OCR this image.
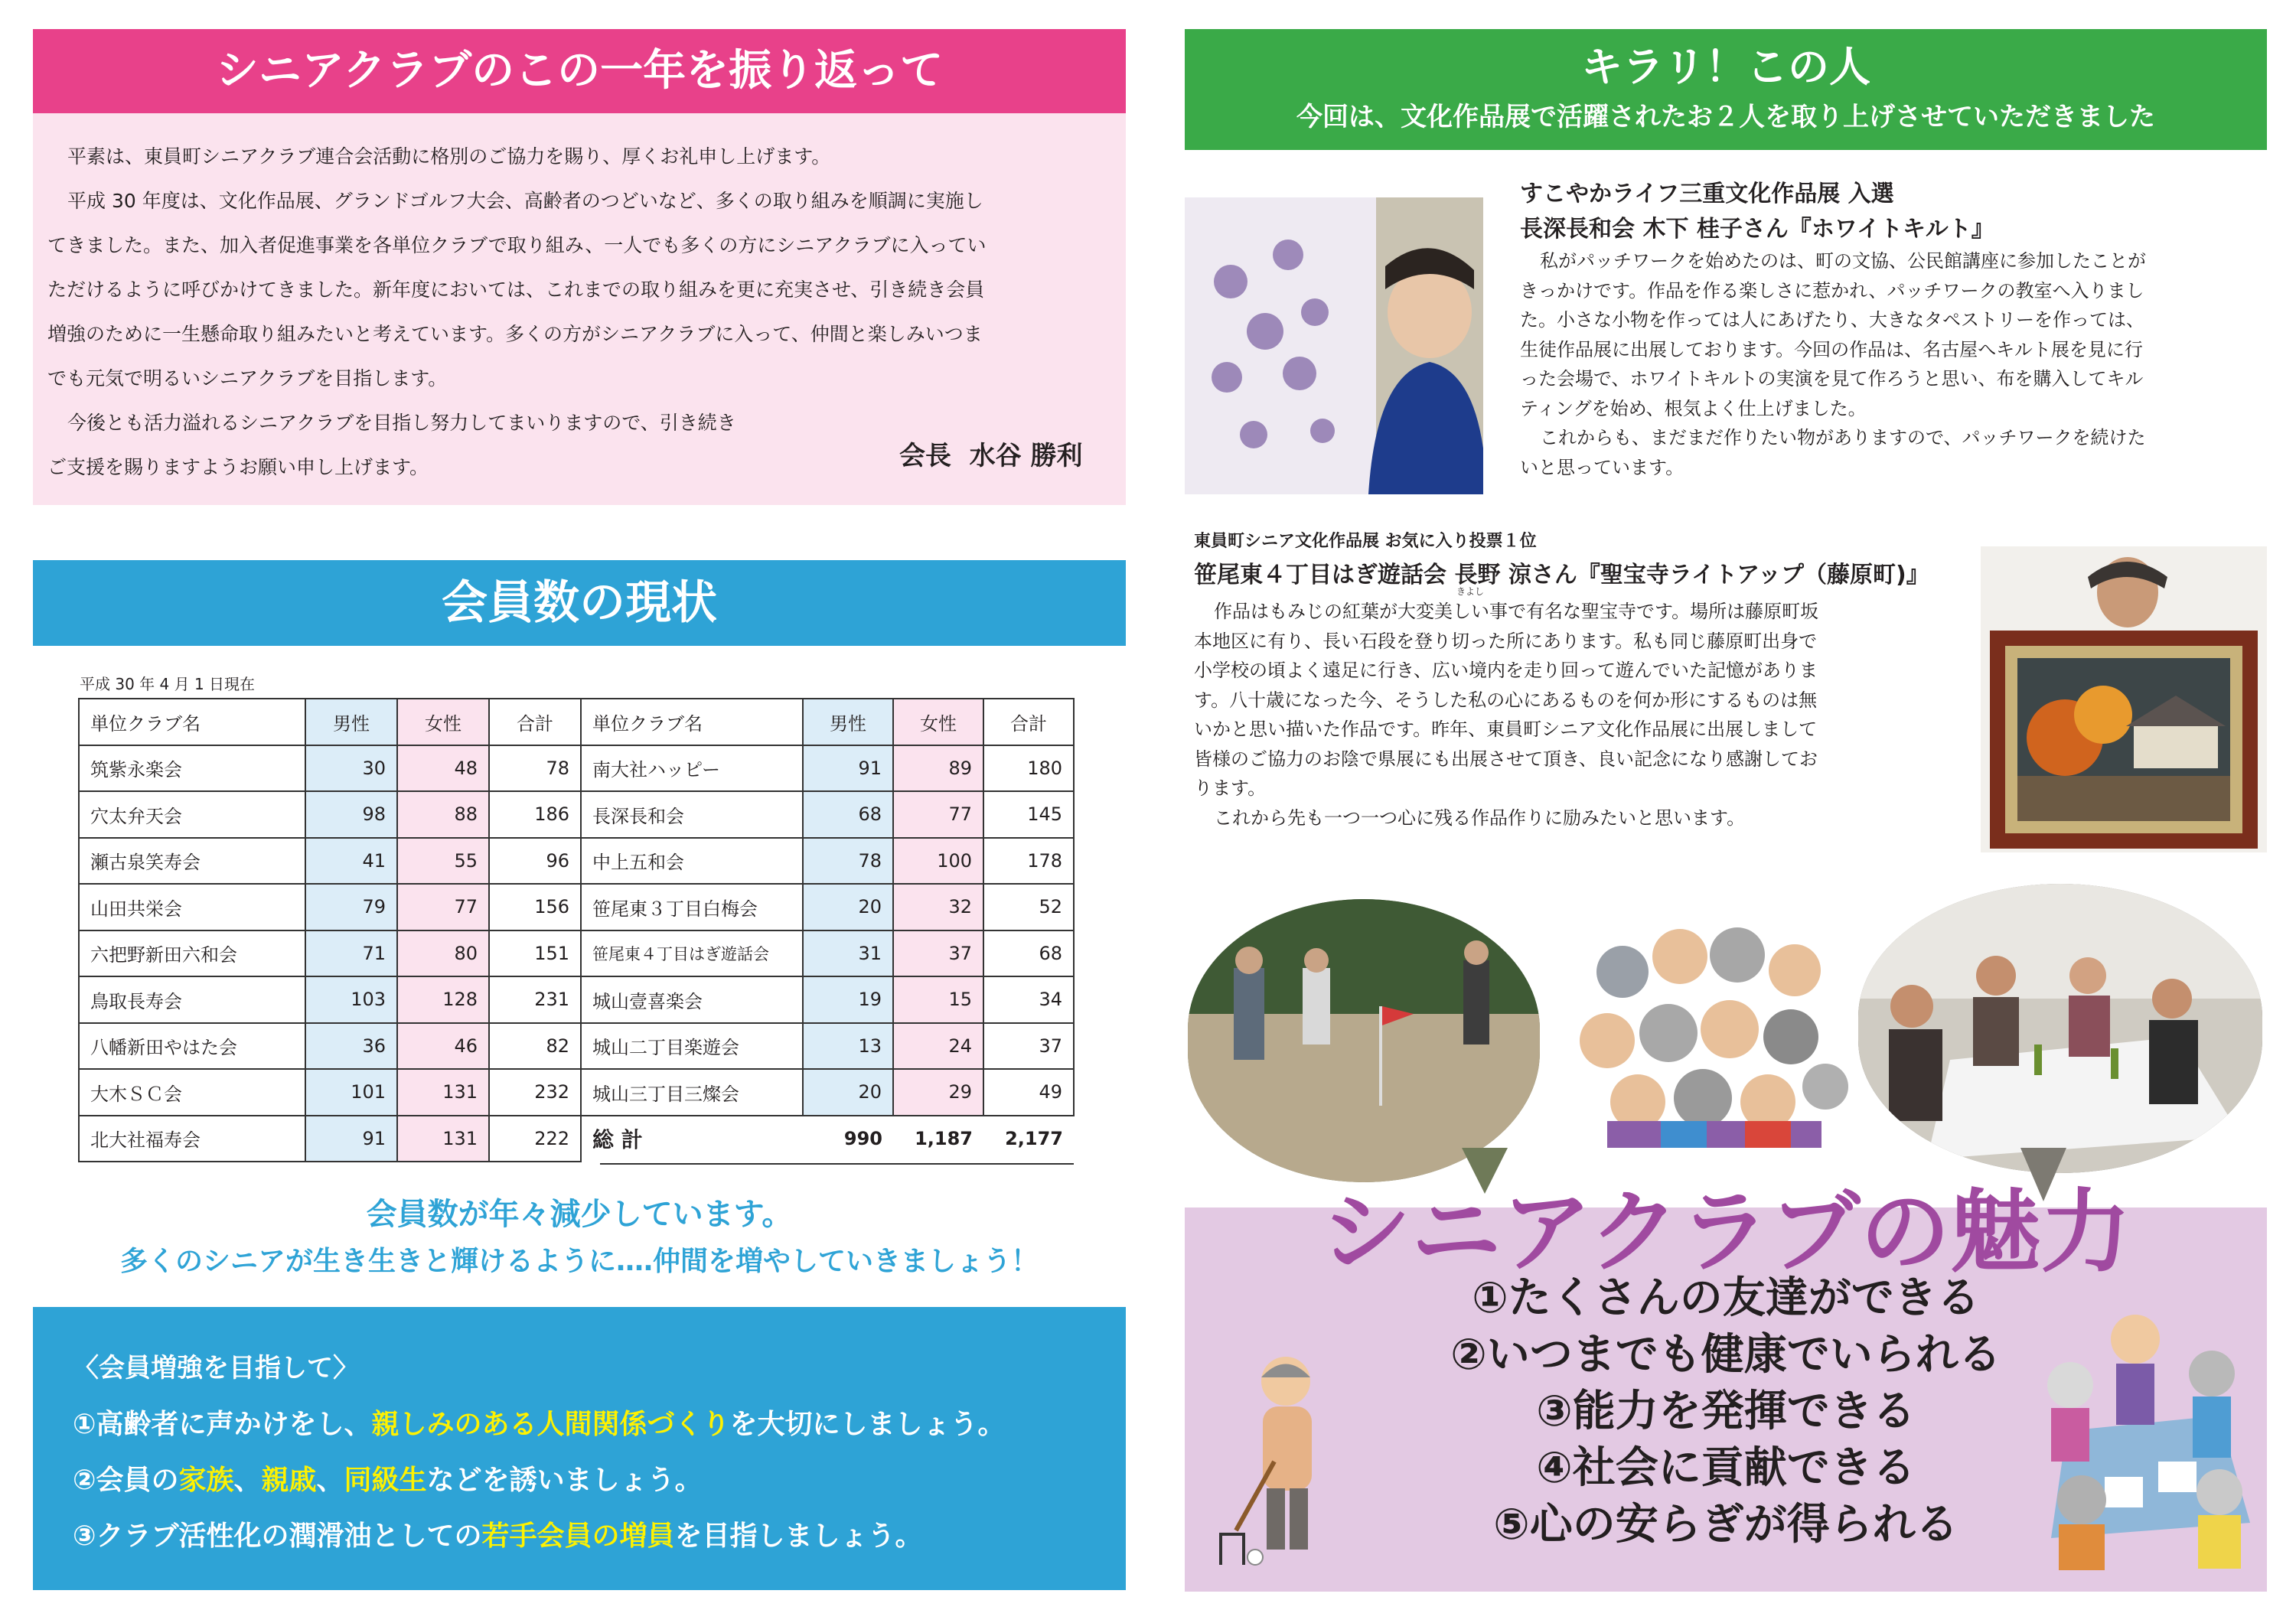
シニアクラブのこの一年を振り返って

平素は、東員町シニアクラブ連合会活動に格別のご協力を賜り、厚くお礼申し上げます。

平成 30 年度は、文化作品展、グランドゴルフ大会、高齢者のつどいなど、多くの取り組みを順調に実施し

てきました。また、加入者促進事業を各単位クラブで取り組み、一人でも多くの方にシニアクラブに入ってい

ただけるように呼びかけてきました。新年度においては、これまでの取り組みを更に充実させ、引き続き会員

増強のために一生懸命取り組みたいと考えています。多くの方がシニアクラブに入って、仲間と楽しみいつま

でも元気で明るいシニアクラブを目指します。

今後とも活力溢れるシニアクラブを目指し努力してまいりますので、引き続き

ご支援を賜りますようお願い申し上げます。	会長  水谷 勝利
会員数の現状
平成 30 年 4 月 1 日現在
単位クラブ名	男性	女性	合計	単位クラブ名	男性	女性	合計
筑紫永楽会	30	48	78	南大社ハッピー	91	89	180
穴太弁天会	98	88	186	長深長和会	68	77	145
瀬古泉笑寿会	41	55	96	中上五和会	78	100	178
山田共栄会	79	77	156	笹尾東３丁目白梅会	20	32	52
六把野新田六和会	71	80	151	笹尾東４丁目はぎ遊話会	31	37	68
鳥取長寿会	103	128	231	城山壹喜楽会	19	15	34
八幡新田やはた会	36	46	82	城山二丁目楽遊会	13	24	37
大木ＳＣ会	101	131	232	城山三丁目三燦会	20	29	49
北大社福寿会	91	131	222	総 計	990	1,187	2,177
会員数が年々減少しています。
多くのシニアが生き生きと輝けるように‥‥仲間を増やしていきましょう！
〈会員増強を目指して〉
①高齢者に声かけをし、親しみのある人間関係づくりを大切にしましょう。
②会員の家族、親戚、同級生などを誘いましょう。
③クラブ活性化の潤滑油としての若手会員の増員を目指しましょう。
キラリ！この人
今回は、文化作品展で活躍されたお２人を取り上げさせていただきました
すこやかライフ三重文化作品展 入選
長深長和会 木下 桂子さん『ホワイトキルト』

私がパッチワークを始めたのは、町の文協、公民館講座に参加したことが

きっかけです。作品を作る楽しさに惹かれ、パッチワークの教室へ入りまし

た。小さな小物を作っては人にあげたり、大きなタペストリーを作っては、

生徒作品展に出展しております。今回の作品は、名古屋へキルト展を見に行

った会場で、ホワイトキルトの実演を見て作ろうと思い、布を購入してキル

ティングを始め、根気よく仕上げました。

これからも、まだまだ作りたい物がありますので、パッチワークを続けた

いと思っています。

東員町シニア文化作品展 お気に入り投票１位
笹尾東４丁目はぎ遊話会 長野 涼さん『聖宝寺ライトアップ（藤原町)』
きよし

作品はもみじの紅葉が大変美しい事で有名な聖宝寺です。場所は藤原町坂

本地区に有り、長い石段を登り切った所にあります。私も同じ藤原町出身で

小学校の頃よく遠足に行き、広い境内を走り回って遊んでいた記憶がありま

す。八十歳になった今、そうした私の心にあるものを何か形にするものは無

いかと思い描いた作品です。昨年、東員町シニア文化作品展に出展しまして

皆様のご協力のお陰で県展にも出展させて頂き、良い記念になり感謝してお

ります。

これから先も一つ一つ心に残る作品作りに励みたいと思います。

シニアクラブの魅力
①たくさんの友達ができる
②いつまでも健康でいられる
③能力を発揮できる
④社会に貢献できる
⑤心の安らぎが得られる
